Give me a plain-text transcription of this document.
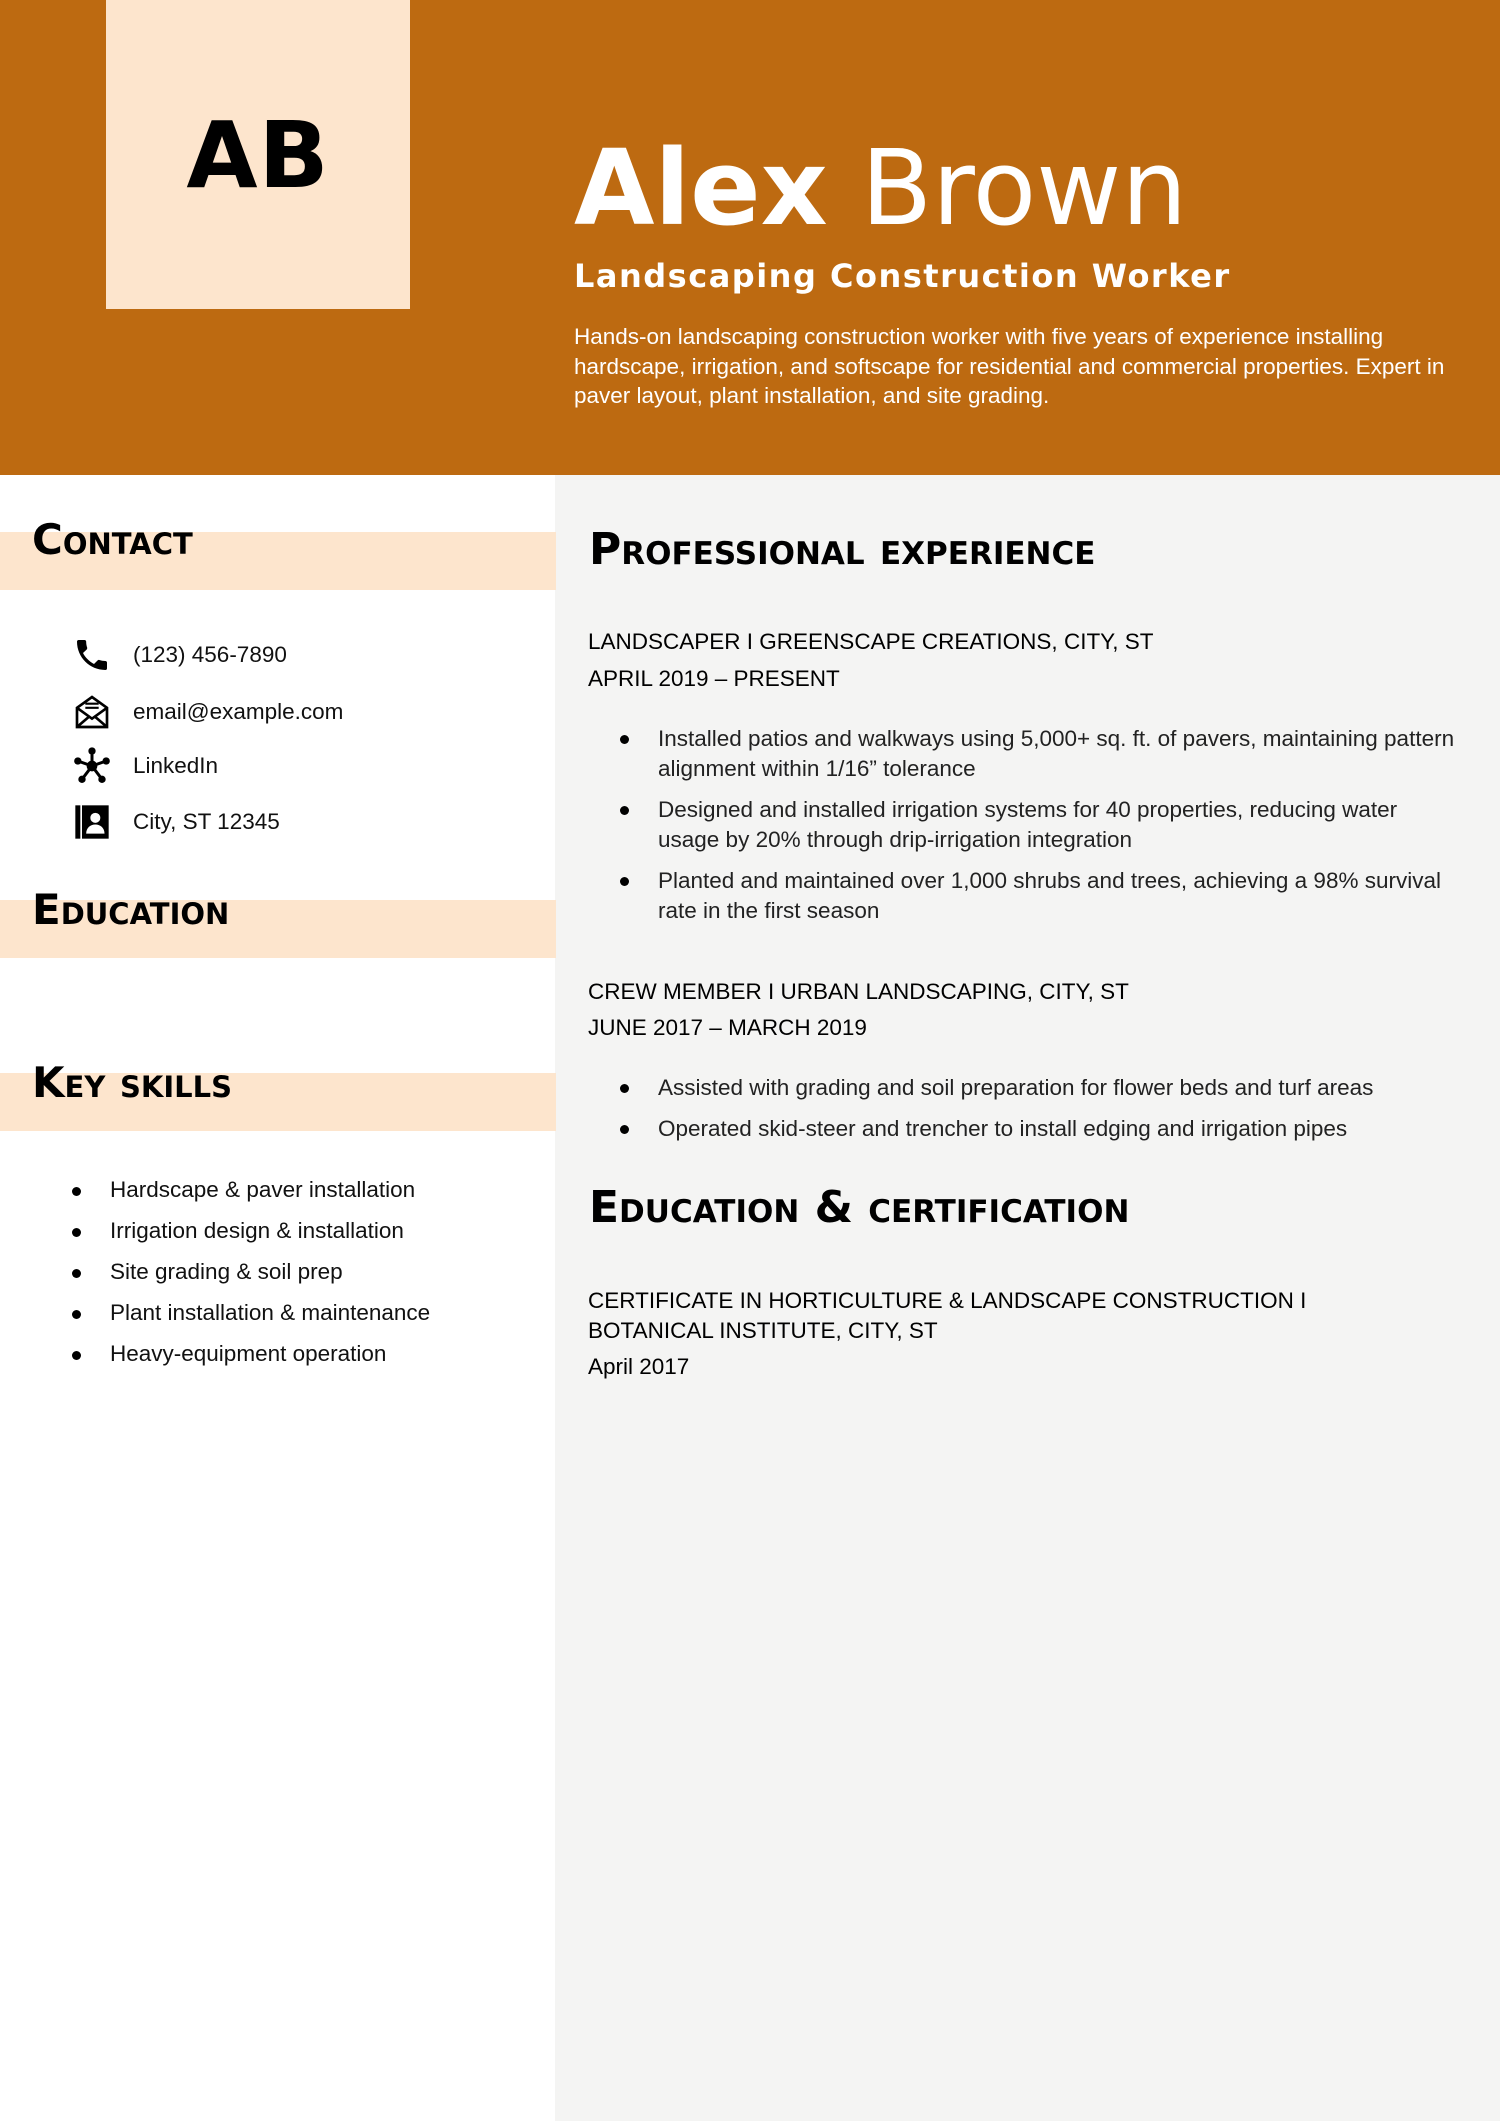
AB	Alex Brown
Landscaping Construction Worker
Hands-on landscaping construction worker with five years of experience installing hardscape, irrigation, and softscape for residential and commercial properties. Expert in paver layout, plant installation, and site grading.
Contact
(123) 456-7890
email@example.com
LinkedIn
City, ST 12345
Education
Key skills
Hardscape & paver installation
Irrigation design & installation
Site grading & soil prep
Plant installation & maintenance
Heavy-equipment operation
Professional experience
LANDSCAPER I GREENSCAPE CREATIONS, CITY, ST
APRIL 2019 – PRESENT
Installed patios and walkways using 5,000+ sq. ft. of pavers, maintaining pattern alignment within 1/16” tolerance
Designed and installed irrigation systems for 40 properties, reducing water usage by 20% through drip-irrigation integration
Planted and maintained over 1,000 shrubs and trees, achieving a 98% survival rate in the first season
CREW MEMBER I URBAN LANDSCAPING, CITY, ST
JUNE 2017 – MARCH 2019
Assisted with grading and soil preparation for flower beds and turf areas
Operated skid-steer and trencher to install edging and irrigation pipes
Education & certification
CERTIFICATE IN HORTICULTURE & LANDSCAPE CONSTRUCTION I
BOTANICAL INSTITUTE, CITY, ST
April 2017
